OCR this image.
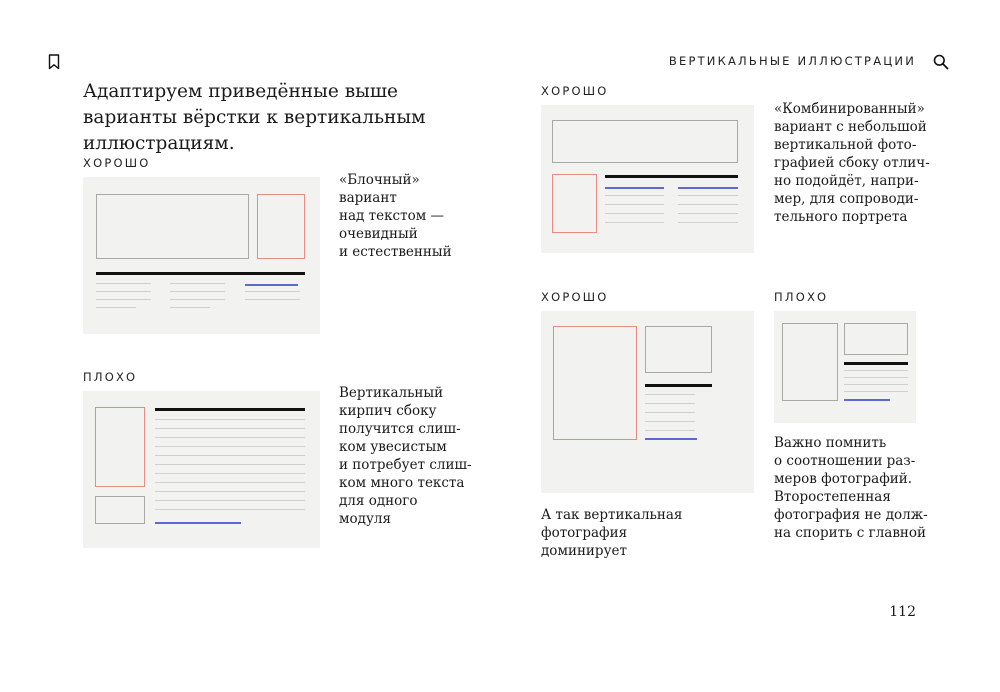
ВЕРТИКАЛЬНЫЕ ИЛЛЮСТРАЦИИ
Адаптируем приведённые выше варианты вёрстки к вертикальным иллюстрациям.
ХОРОШО
«Блочный»
вариант
над текстом —
очевидный
и естественный
ПЛОХО
Вертикальный
кирпич сбоку
получится слиш-
ком увесистым
и потребует слиш-
ком много текста
для одного
модуля
ХОРОШО
«Комбинированный»
вариант с небольшой
вертикальной фото-
графией сбоку отлич-
но подойдёт, напри-
мер, для сопроводи-
тельного портрета
ХОРОШО
А так вертикальная фотография
доминирует
ПЛОХО
Важно помнить
о соотношении раз-
меров фотографий.
Второстепенная
фотография не долж-
на спорить с главной
112
